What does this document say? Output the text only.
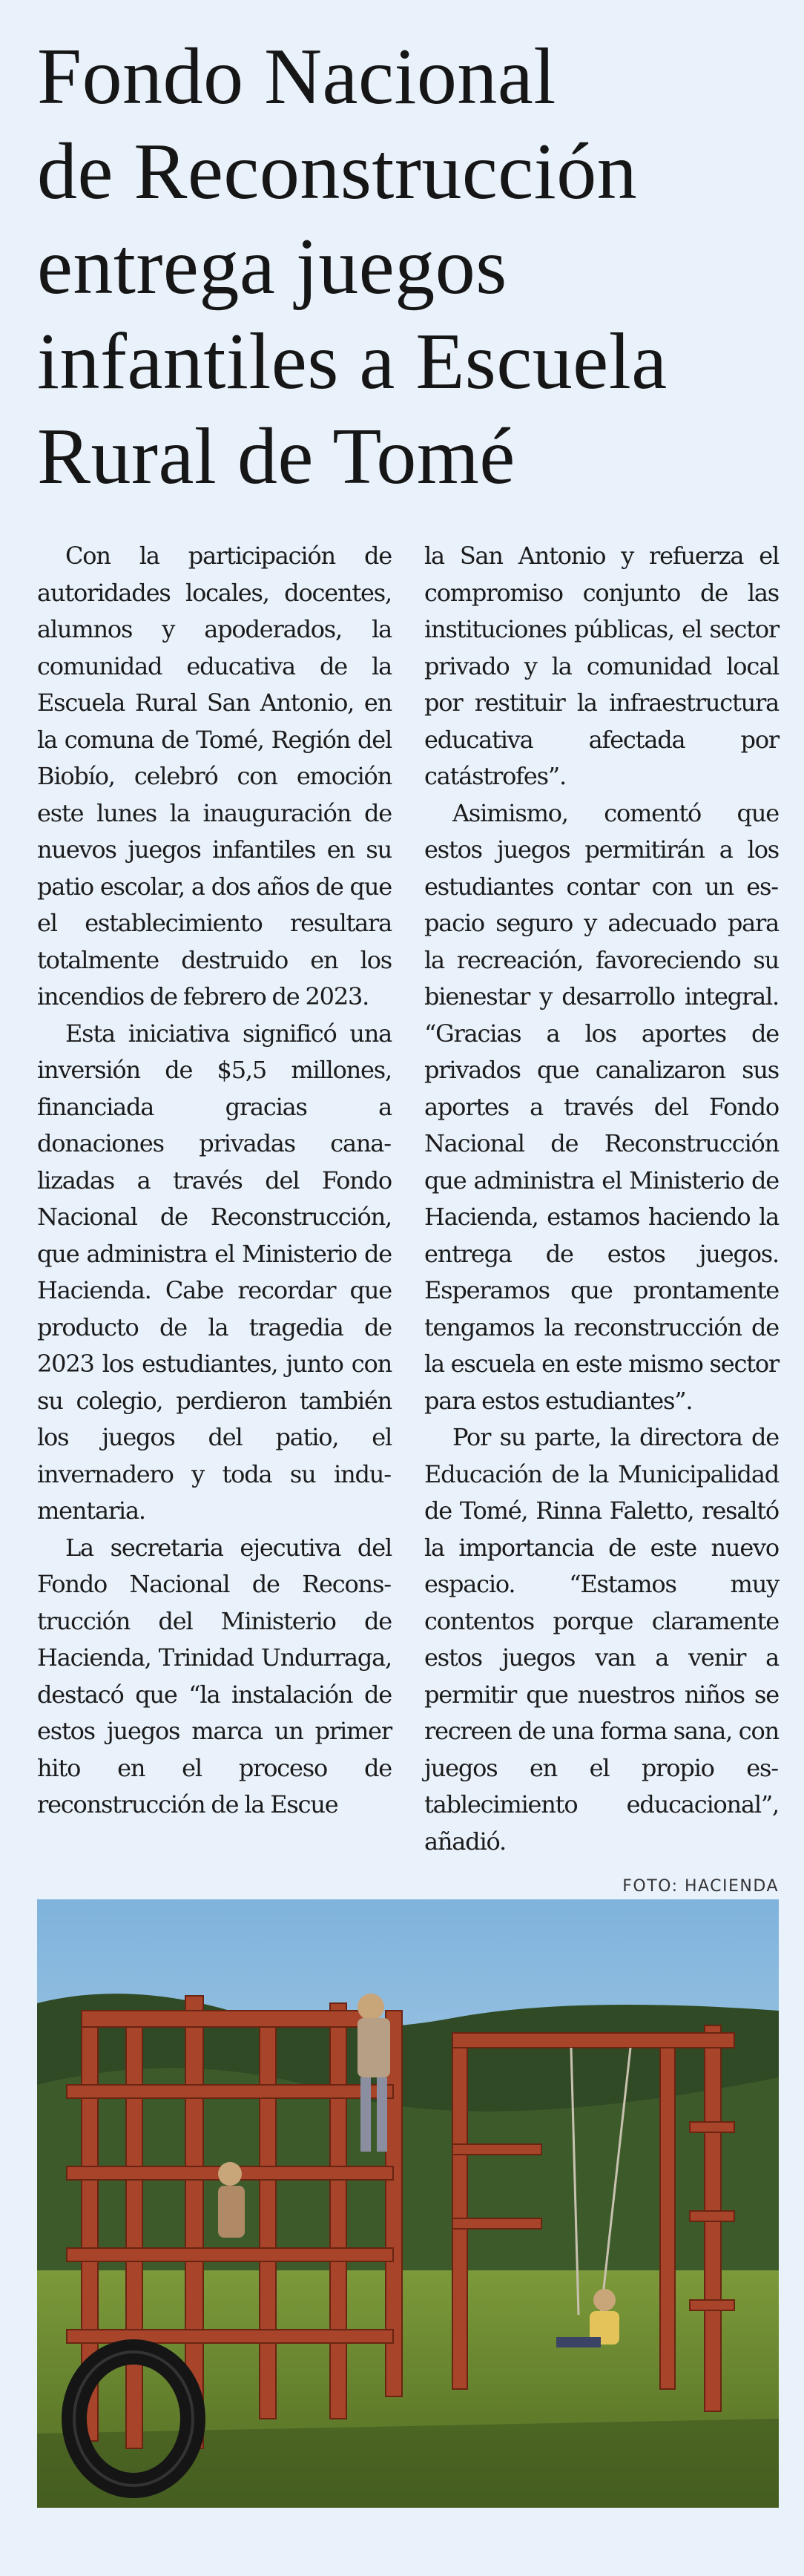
Fondo Nacional
de Reconstrucción
entrega juegos
infantiles a Escuela
Rural de Tomé

Con la participación de autoridades locales, docentes, alumnos y apoderados, la comunidad educativa de la Escuela Rural San Antonio, en la comuna de Tomé, Región del Biobío, celebró con emoción este lunes la inauguración de nuevos juegos infantiles en su patio escolar, a dos años de que el establecimiento resultara totalmente destruido en los incendios de febrero de 2023.

Esta iniciativa significó una inversión de $5,5 millones, financiada gracias a donaciones privadas canalizadas a través del Fondo Nacional de Reconstrucción, que administra el Ministerio de Hacienda. Cabe recordar que producto de la tragedia de 2023 los estudiantes, junto con su colegio, perdieron también los juegos del patio, el invernadero y toda su indumentaria.

La secretaria ejecutiva del Fondo Nacional de Reconstrucción del Ministerio de Hacienda, Trinidad Undurraga, destacó que “la instalación de estos juegos marca un primer hito en el proceso de reconstrucción de la Escue

la San Antonio y refuerza el compromiso conjunto de las instituciones públicas, el sector privado y la comunidad local por restituir la infraestructura educativa afectada por catástrofes”.

Asimismo, comentó que estos juegos permitirán a los estudiantes contar con un espacio seguro y adecuado para la recreación, favoreciendo su bienestar y desarrollo integral. “Gracias a los aportes de privados que canalizaron sus aportes a través del Fondo Nacional de Reconstrucción que administra el Ministerio de Hacienda, estamos haciendo la entrega de estos juegos. Esperamos que prontamente tengamos la reconstrucción de la escuela en este mismo sector para estos estudiantes”.

Por su parte, la directora de Educación de la Municipalidad de Tomé, Rinna Faletto, resaltó la importancia de este nuevo espacio. “Estamos muy contentos porque claramente estos juegos van a venir a permitir que nuestros niños se recreen de una forma sana, con juegos en el propio establecimiento educacional”, añadió.

FOTO: HACIENDA
